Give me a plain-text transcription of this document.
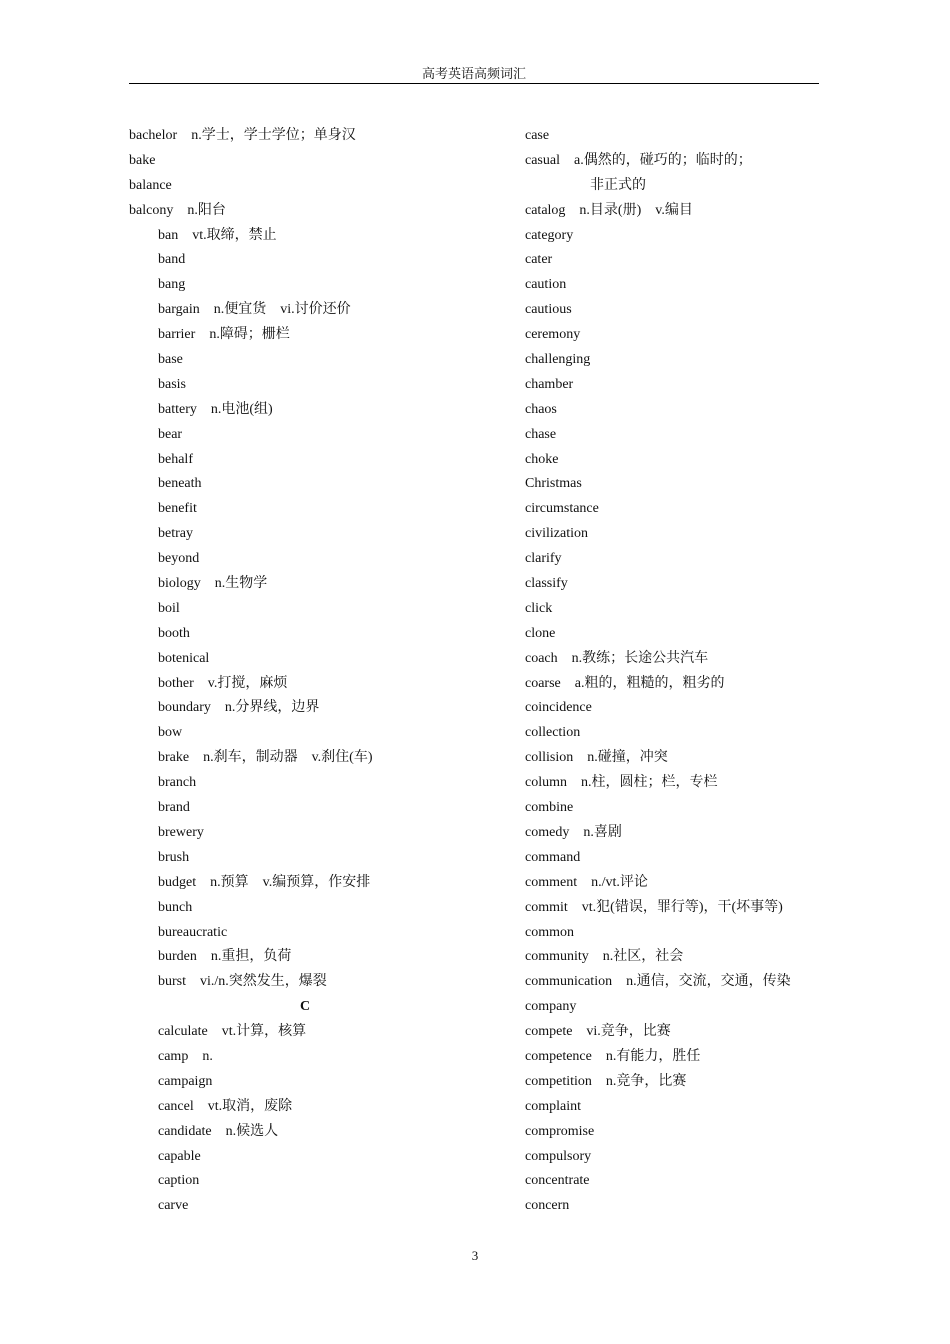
高考英语高频词汇
bachelor n.学士，学士学位；单身汉
bake
balance
balcony n.阳台
ban vt.取缔，禁止
band
bang
bargain n.便宜货　vi.讨价还价
barrier n.障碍；栅栏
base
basis
battery n.电池(组)
bear
behalf
beneath
benefit
betray
beyond
biology n.生物学
boil
booth
botenical
bother v.打搅，麻烦
boundary n.分界线，边界
bow
brake n.刹车，制动器　v.刹住(车)
branch
brand
brewery
brush
budget n.预算　v.编预算，作安排
bunch
bureaucratic
burden n.重担，负荷
burst vi./n.突然发生，爆裂
C
calculate vt.计算，核算
camp n.
campaign
cancel vt.取消，废除
candidate n.候选人
capable
caption
carve
case
casual a.偶然的，碰巧的；临时的；
非正式的
catalog n.目录(册)　v.编目
category
cater
caution
cautious
ceremony
challenging
chamber
chaos
chase
choke
Christmas
circumstance
civilization
clarify
classify
click
clone
coach n.教练；长途公共汽车
coarse a.粗的，粗糙的，粗劣的
coincidence
collection
collision n.碰撞，冲突
column n.柱，圆柱；栏，专栏
combine
comedy n.喜剧
command
comment n./vt.评论
commit vt.犯(错误，罪行等)，干(坏事等)
common
community n.社区，社会
communication n.通信，交流，交通，传染
company
compete vi.竞争，比赛
competence n.有能力，胜任
competition n.竞争，比赛
complaint
compromise
compulsory
concentrate
concern
3
